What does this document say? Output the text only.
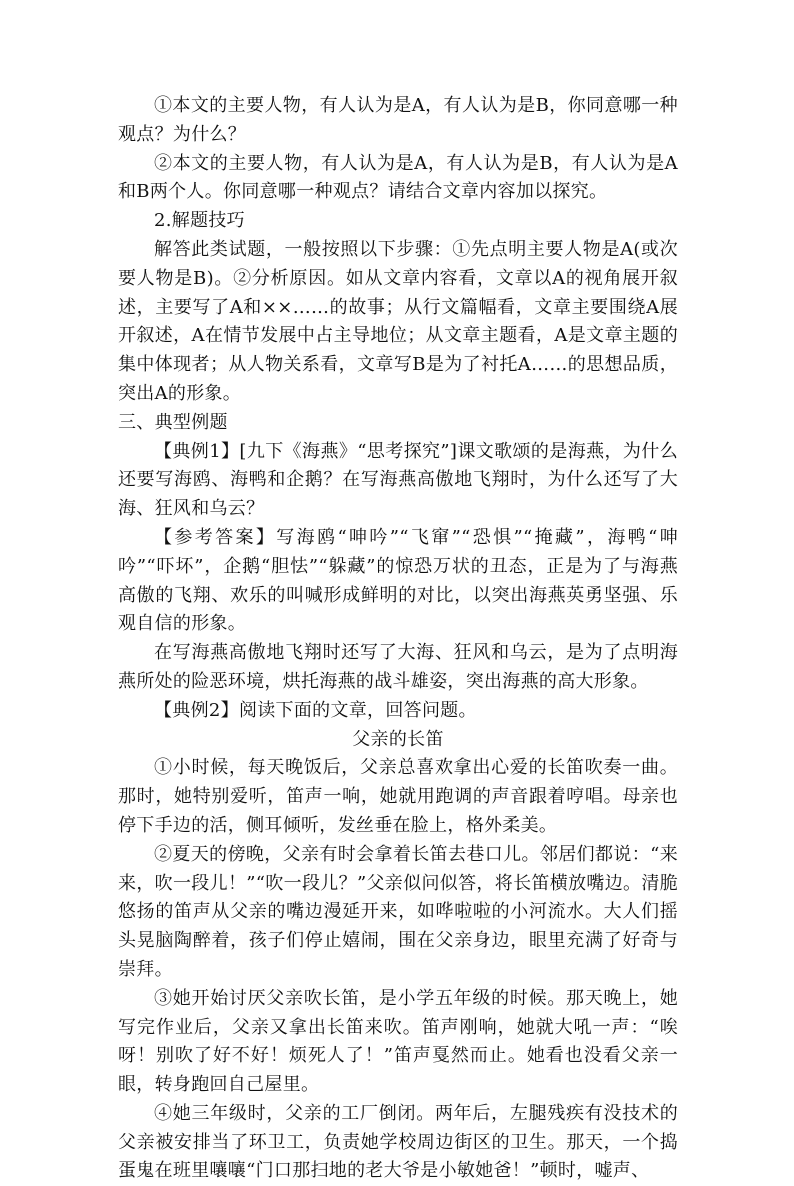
①本文的主要人物，有人认为是A，有人认为是B，你同意哪一种观点？为什么？

②本文的主要人物，有人认为是A，有人认为是B，有人认为是A和B两个人。你同意哪一种观点？请结合文章内容加以探究。

2.解题技巧

解答此类试题，一般按照以下步骤：①先点明主要人物是A(或次要人物是B)。②分析原因。如从文章内容看，文章以A的视角展开叙述，主要写了A和××……的故事；从行文篇幅看，文章主要围绕A展开叙述，A在情节发展中占主导地位；从文章主题看，A是文章主题的集中体现者；从人物关系看，文章写B是为了衬托A……的思想品质，突出A的形象。

三、典型例题

【典例1】[九下《海燕》“思考探究”]课文歌颂的是海燕，为什么还要写海鸥、海鸭和企鹅？在写海燕高傲地飞翔时，为什么还写了大海、狂风和乌云？

【参考答案】写海鸥“呻吟”“飞窜”“恐惧”“掩藏”，海鸭“呻吟”“吓坏”，企鹅“胆怯”“躲藏”的惊恐万状的丑态，正是为了与海燕高傲的飞翔、欢乐的叫喊形成鲜明的对比，以突出海燕英勇坚强、乐观自信的形象。

在写海燕高傲地飞翔时还写了大海、狂风和乌云，是为了点明海燕所处的险恶环境，烘托海燕的战斗雄姿，突出海燕的高大形象。

【典例2】阅读下面的文章，回答问题。

父亲的长笛

①小时候，每天晚饭后，父亲总喜欢拿出心爱的长笛吹奏一曲。那时，她特别爱听，笛声一响，她就用跑调的声音跟着哼唱。母亲也停下手边的活，侧耳倾听，发丝垂在脸上，格外柔美。

②夏天的傍晚，父亲有时会拿着长笛去巷口儿。邻居们都说：“来来，吹一段儿！”“吹一段儿？”父亲似问似答，将长笛横放嘴边。清脆悠扬的笛声从父亲的嘴边漫延开来，如哗啦啦的小河流水。大人们摇头晃脑陶醉着，孩子们停止嬉闹，围在父亲身边，眼里充满了好奇与崇拜。

③她开始讨厌父亲吹长笛，是小学五年级的时候。那天晚上，她写完作业后，父亲又拿出长笛来吹。笛声刚响，她就大吼一声：“唉呀！别吹了好不好！烦死人了！”笛声戛然而止。她看也没看父亲一眼，转身跑回自己屋里。

④她三年级时，父亲的工厂倒闭。两年后，左腿残疾有没技术的父亲被安排当了环卫工，负责她学校周边街区的卫生。那天，一个捣蛋鬼在班里嚷嚷“门口那扫地的老大爷是小敏她爸！”顿时，嘘声、
